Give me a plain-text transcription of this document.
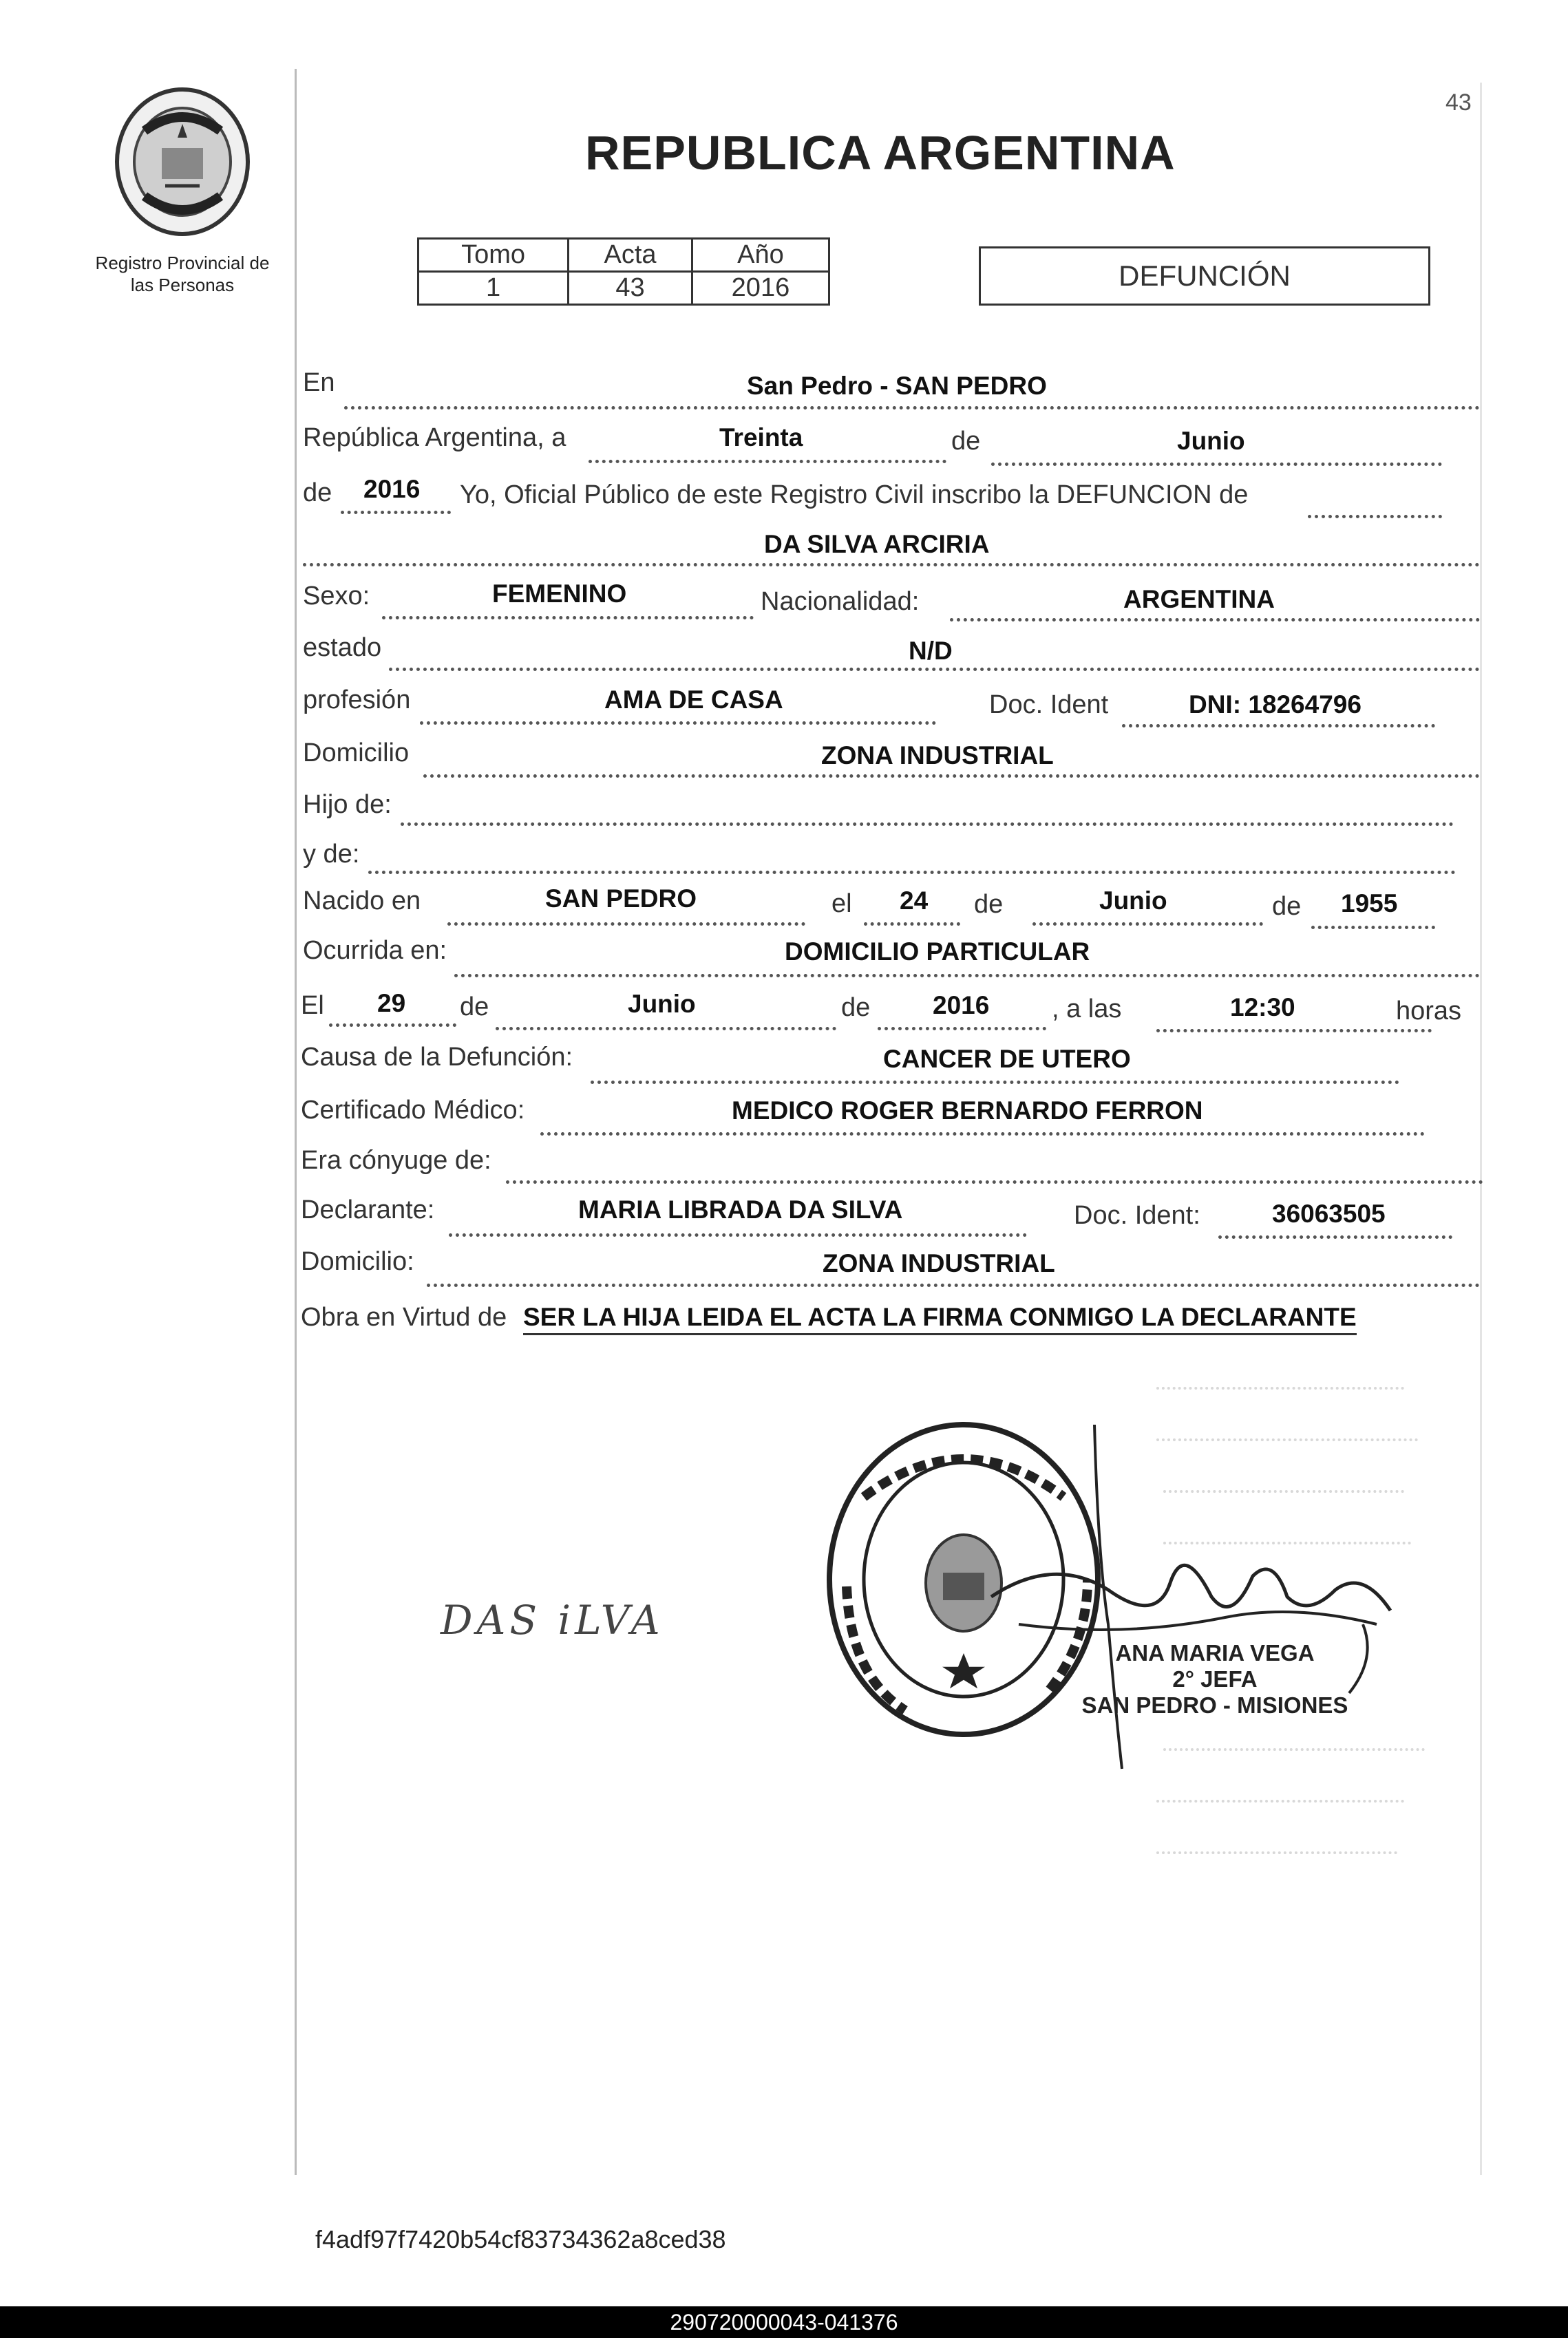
Registro Provincial de
las Personas
43
REPUBLICA ARGENTINA
Tomo	Acta	Año
1	43	2016	DEFUNCIÓN
En	San Pedro - SAN PEDRO
República Argentina, a	Treinta	de	Junio
de 2016 Yo, Oficial Público de este Registro Civil inscribo la DEFUNCION de
DA SILVA ARCIRIA
Sexo:	FEMENINO	Nacionalidad:	ARGENTINA
estado	N/D
profesión	AMA DE CASA	Doc. Ident	DNI: 18264796
Domicilio	ZONA INDUSTRIAL
Hijo de:
y de:
Nacido en	SAN PEDRO	el 24 de	Junio	de 1955
Ocurrida en:	DOMICILIO PARTICULAR
El 29 de	Junio	de 2016 , a las	12:30	horas
Causa de la Defunción:	CANCER DE UTERO
Certificado Médico:	MEDICO ROGER BERNARDO FERRON
Era cónyuge de:
Declarante:	MARIA LIBRADA DA SILVA	Doc. Ident:	36063505
Domicilio:	ZONA INDUSTRIAL
Obra en Virtud de SER LA HIJA LEIDA EL ACTA LA FIRMA CONMIGO LA DECLARANTE
DAS iLVA
ANA MARIA VEGA
2° JEFA
SAN PEDRO - MISIONES
f4adf97f7420b54cf83734362a8ced38
290720000043-041376
